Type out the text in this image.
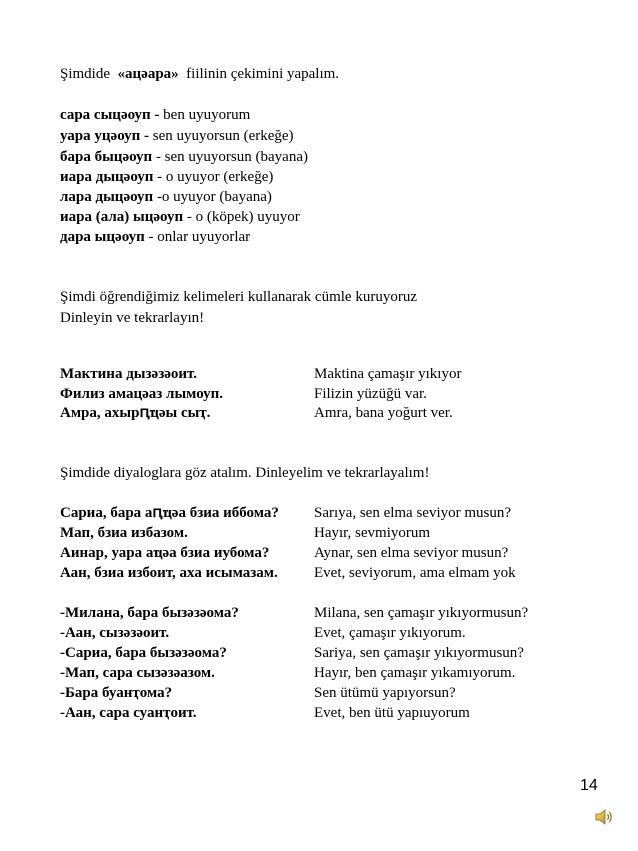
Şimdide  «ацәара»  fiilinin çekimini yapalım.
сара сыцәоуп - ben uyuyorum
уара уцәоуп - sen uyuyorsun (erkeğe)
бара быцәоуп - sen uyuyorsun (bayana)
иара дыцәоуп - o uyuyor (erkeğe)
лара дыцәоуп -o uyuyor (bayana)
иара (ала) ыцәоуп - o (köpek) uyuyor
дара ыцәоуп - onlar uyuyorlar
Şimdi öğrendiğimiz kelimeleri kullanarak cümle kuruyoruz
Dinleyin ve tekrarlayın!
Мактина дызәзәоит.	Maktina çamaşır yıkıyor
Филиз амацәаз лымоуп.	Filizin yüzüğü var.
Амра, ахырԥҵәы сыҭ.	Amra, bana yoğurt ver.
Şimdide diyaloglara göz atalım. Dinleyelim ve tekrarlayalım!
Сариа, бара аԥҵәа бзиа иббома? Sarıya, sen elma seviyor musun?
Мап, бзиа избазом.	Hayır, sevmiyorum
Аинар, уара аҵәа бзиа иубома?	Aynar, sen elma seviyor musun?
Аан, бзиа избоит, аха исымазам. Evet, seviyorum, ama elmam yok
-Милана, бара бызәзәома?	Milana, sen çamaşır yıkıyormusun?
-Аан, сызәзәоит.	Evet, çamaşır yıkıyorum.
-Сариа, бара бызәзәома?	Sariya, sen çamaşır yıkıyormusun?
-Мап, сара сызәзәазом.	Hayır, ben çamaşır yıkamıyorum.
-Бара буанҭома?	Sen ütümü yapıyorsun?
-Аан, сара суанҭоит.	Evet, ben ütü yapıuyorum
14
